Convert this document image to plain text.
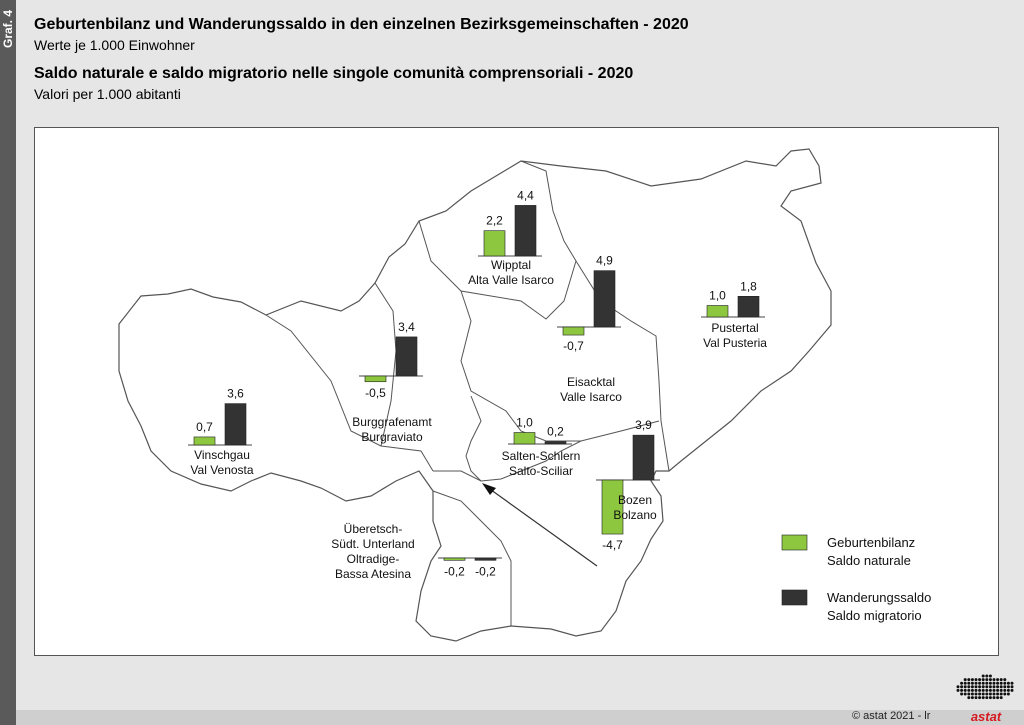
Graf. 4 Geburtenbilanz und Wanderungssaldo in den einzelnen Bezirksgemeinschaften - 2020
Werte je 1.000 Einwohner
Saldo naturale e saldo migratorio nelle singole comunità comprensoriali - 2020
Valori per 1.000 abitanti
0,7
3,6
Vinschgau
Val Venosta
-0,5
3,4
Burggrafenamt
Burgraviato
2,2
4,4
Wipptal
Alta Valle Isarco
-0,7
4,9
Eisacktal
Valle Isarco
1,0
1,8
Pustertal
Val Pusteria
1,0
0,2
Salten-Schlern
Salto-Sciliar
-4,7
3,9
Bozen
Bolzano
-0,2 -0,2
Überetsch-
Südt. Unterland
Oltradige-
Bassa Atesina
Geburtenbilanz
Saldo naturale
Wanderungssaldo
Saldo migratorio
© astat 2021 - lr	astat
